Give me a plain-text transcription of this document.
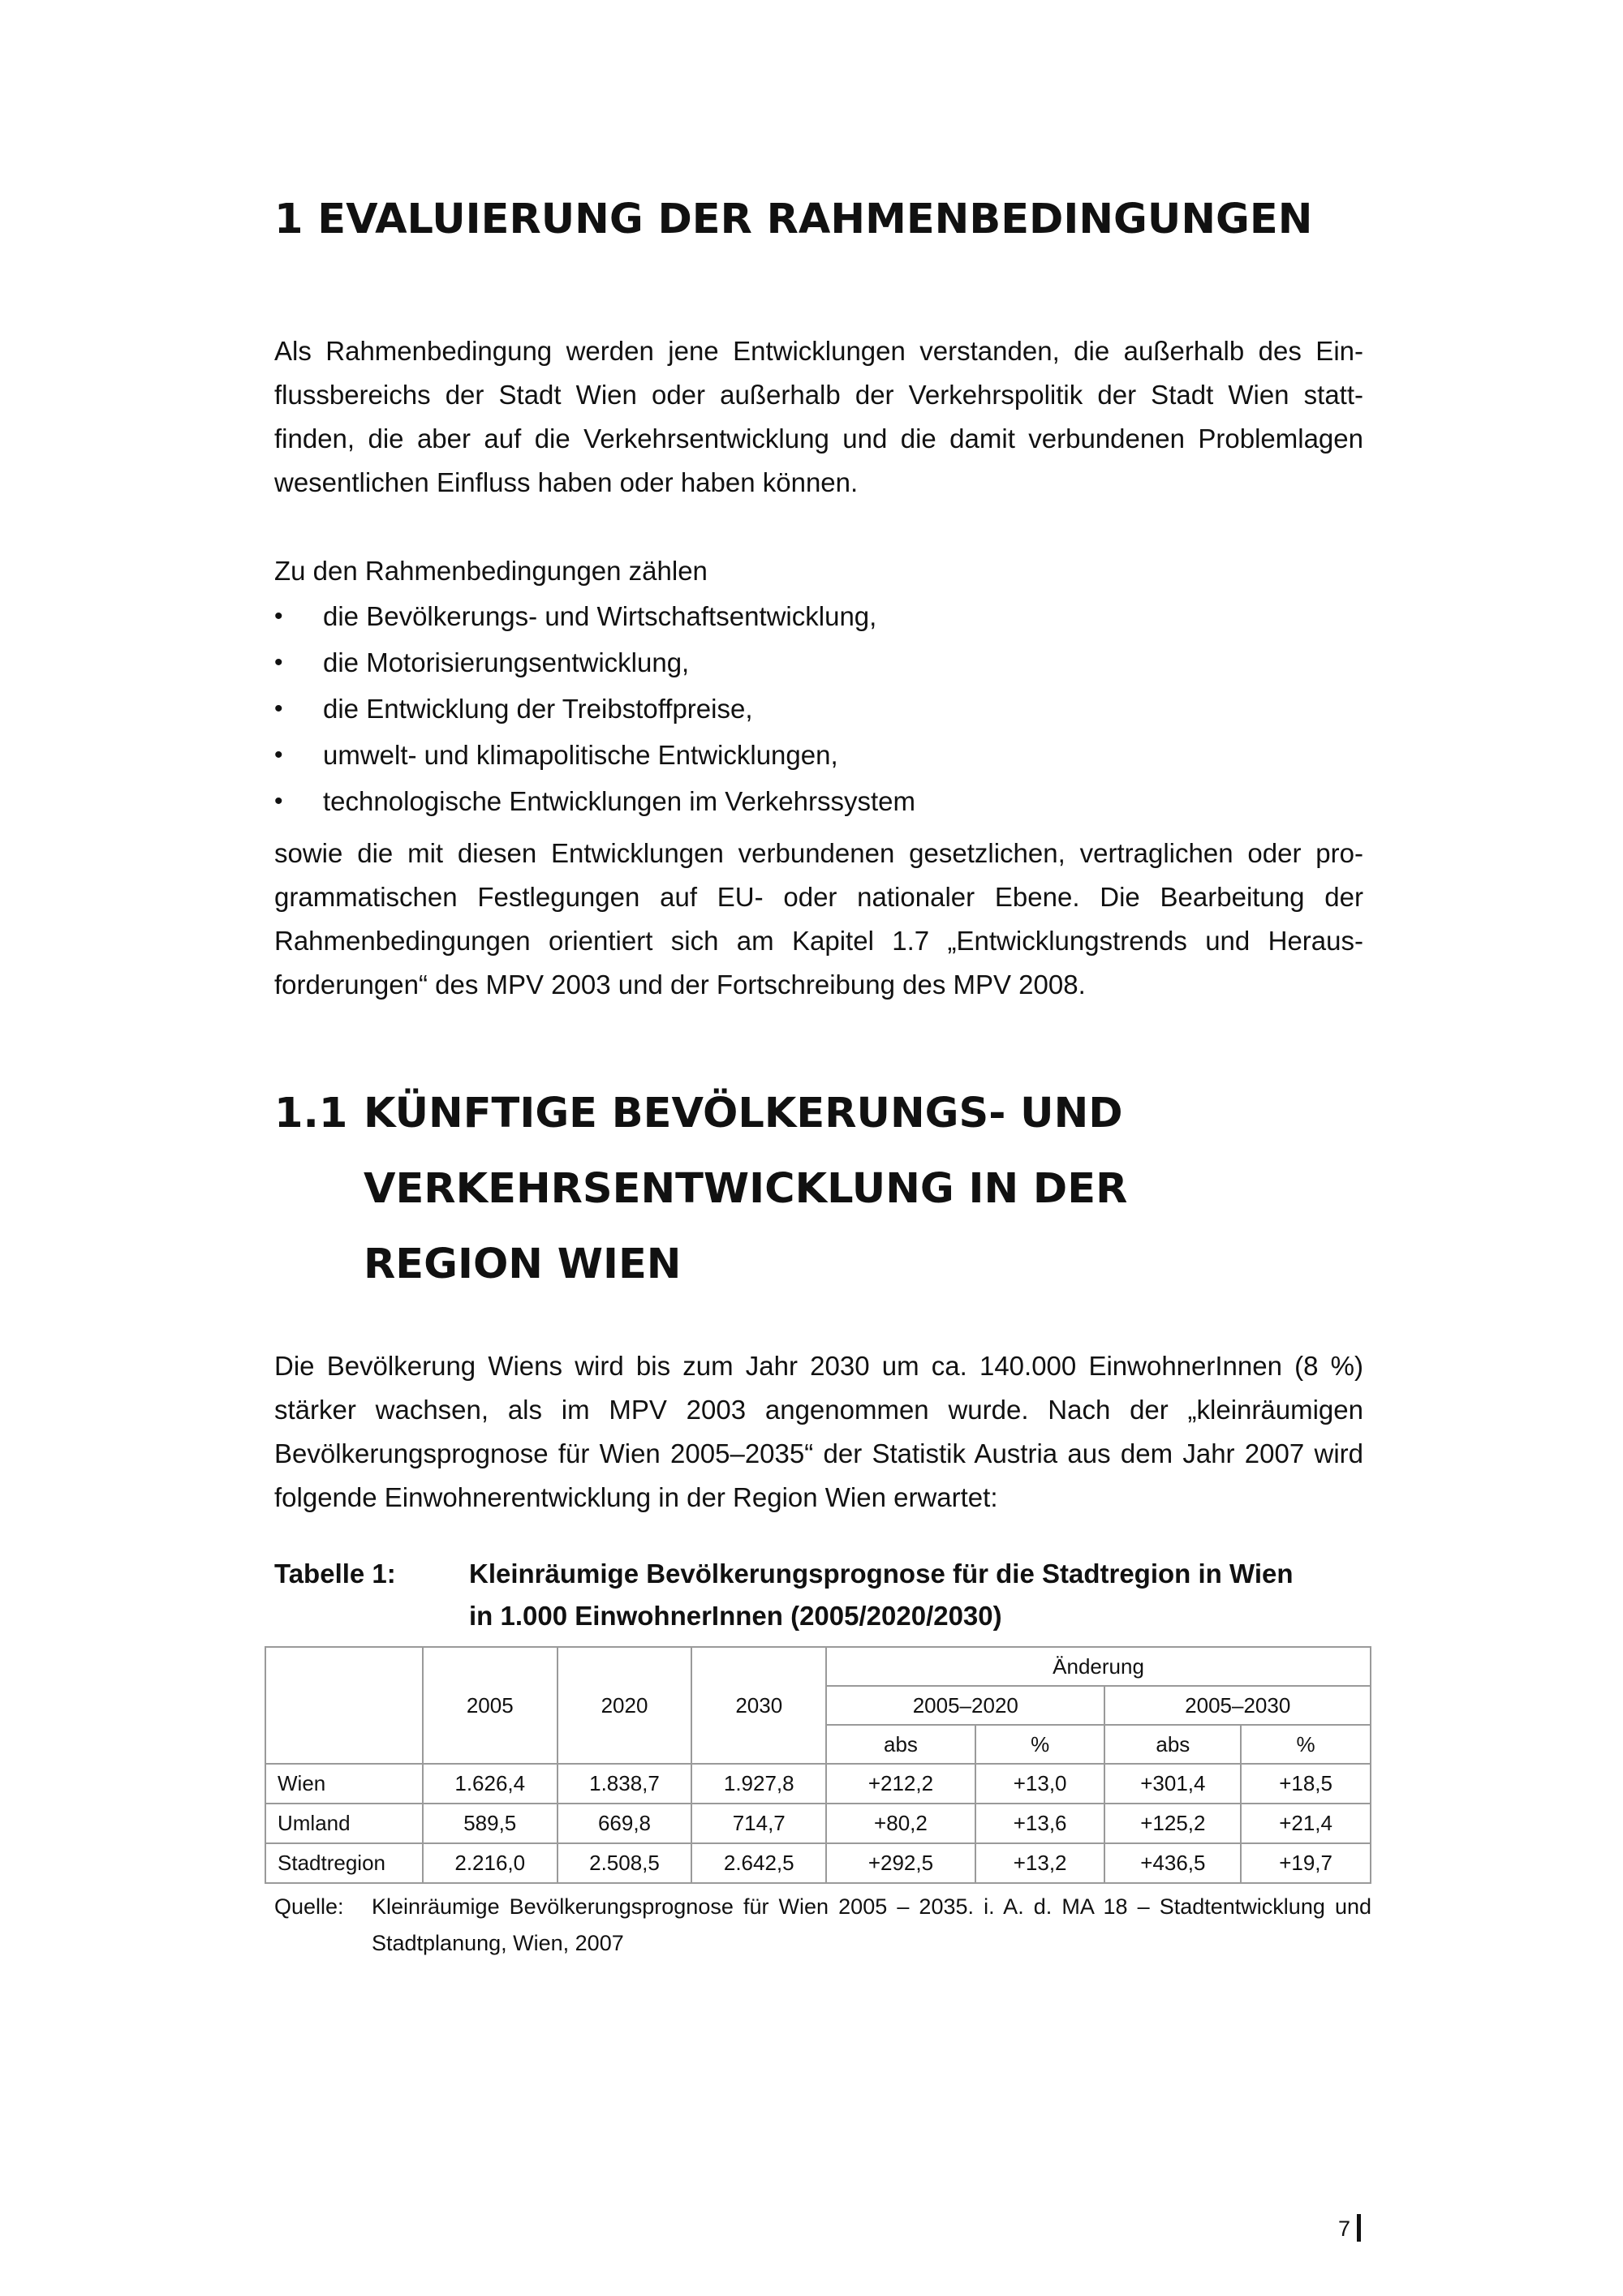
1 EVALUIERUNG DER RAHMENBEDINGUNGEN

Als Rahmenbedingung werden jene Entwicklungen verstanden, die außerhalb des Ein-
flussbereichs der Stadt Wien oder außerhalb der Verkehrspolitik der Stadt Wien statt-
finden, die aber auf die Verkehrsentwicklung und die damit verbundenen Problemlagen
wesentlichen Einfluss haben oder haben können.

Zu den Rahmenbedingungen zählen

• die Bevölkerungs- und Wirtschaftsentwicklung,
• die Motorisierungsentwicklung,
• die Entwicklung der Treibstoffpreise,
• umwelt- und klimapolitische Entwicklungen,
• technologische Entwicklungen im Verkehrssystem

sowie die mit diesen Entwicklungen verbundenen gesetzlichen, vertraglichen oder pro-
grammatischen Festlegungen auf EU- oder nationaler Ebene. Die Bearbeitung der
Rahmenbedingungen orientiert sich am Kapitel 1.7 „Entwicklungstrends und Heraus-
forderungen“ des MPV 2003 und der Fortschreibung des MPV 2008.

1.1 KÜNFTIGE BEVÖLKERUNGS- UND
VERKEHRSENTWICKLUNG IN DER
REGION WIEN

Die Bevölkerung Wiens wird bis zum Jahr 2030 um ca. 140.000 EinwohnerInnen (8 %)
stärker wachsen, als im MPV 2003 angenommen wurde. Nach der „kleinräumigen
Bevölkerungsprognose für Wien 2005–2035“ der Statistik Austria aus dem Jahr 2007 wird
folgende Einwohnerentwicklung in der Region Wien erwartet:

Tabelle 1:	Kleinräumige Bevölkerungsprognose für die Stadtregion in Wien
in 1.000 EinwohnerInnen (2005/2020/2030)
	2005	2020	2030	Änderung			
				2005–2020		2005–2030	
				abs	%	abs	%
Wien	1.626,4	1.838,7	1.927,8	+212,2	+13,0	+301,4	+18,5
Umland	589,5	669,8	714,7	+80,2	+13,6	+125,2	+21,4
Stadtregion	2.216,0	2.508,5	2.642,5	+292,5	+13,2	+436,5	+19,7
Quelle: Kleinräumige Bevölkerungsprognose für Wien 2005 – 2035. i. A. d. MA 18 – Stadtentwicklung und
Stadtplanung, Wien, 2007
7
